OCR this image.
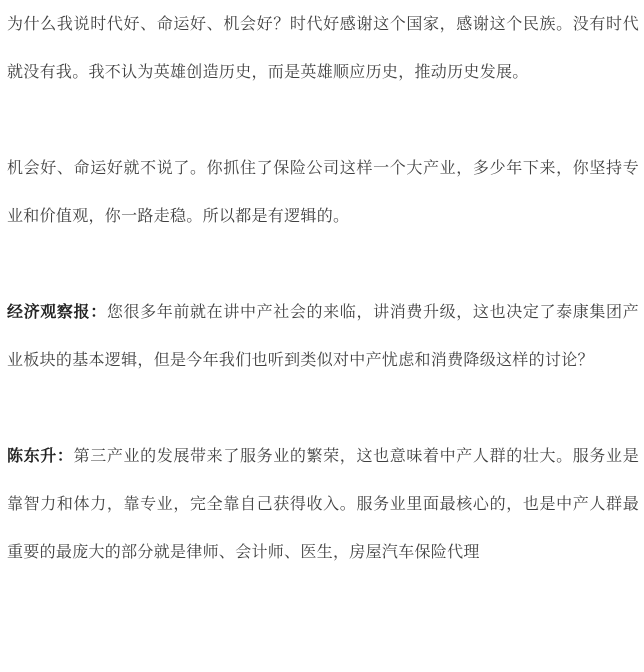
为什么我说时代好、命运好、机会好？时代好感谢这个国家，感谢这个民族。没有时代就没有我。我不认为英雄创造历史，而是英雄顺应历史，推动历史发展。

机会好、命运好就不说了。你抓住了保险公司这样一个大产业，多少年下来，你坚持专业和价值观，你一路走稳。所以都是有逻辑的。

经济观察报：您很多年前就在讲中产社会的来临，讲消费升级，这也决定了泰康集团产业板块的基本逻辑，但是今年我们也听到类似对中产忧虑和消费降级这样的讨论？

陈东升：第三产业的发展带来了服务业的繁荣，这也意味着中产人群的壮大。服务业是靠智力和体力，靠专业，完全靠自己获得收入。服务业里面最核心的，也是中产人群最重要的最庞大的部分就是律师、会计师、医生，房屋汽车保险代理
